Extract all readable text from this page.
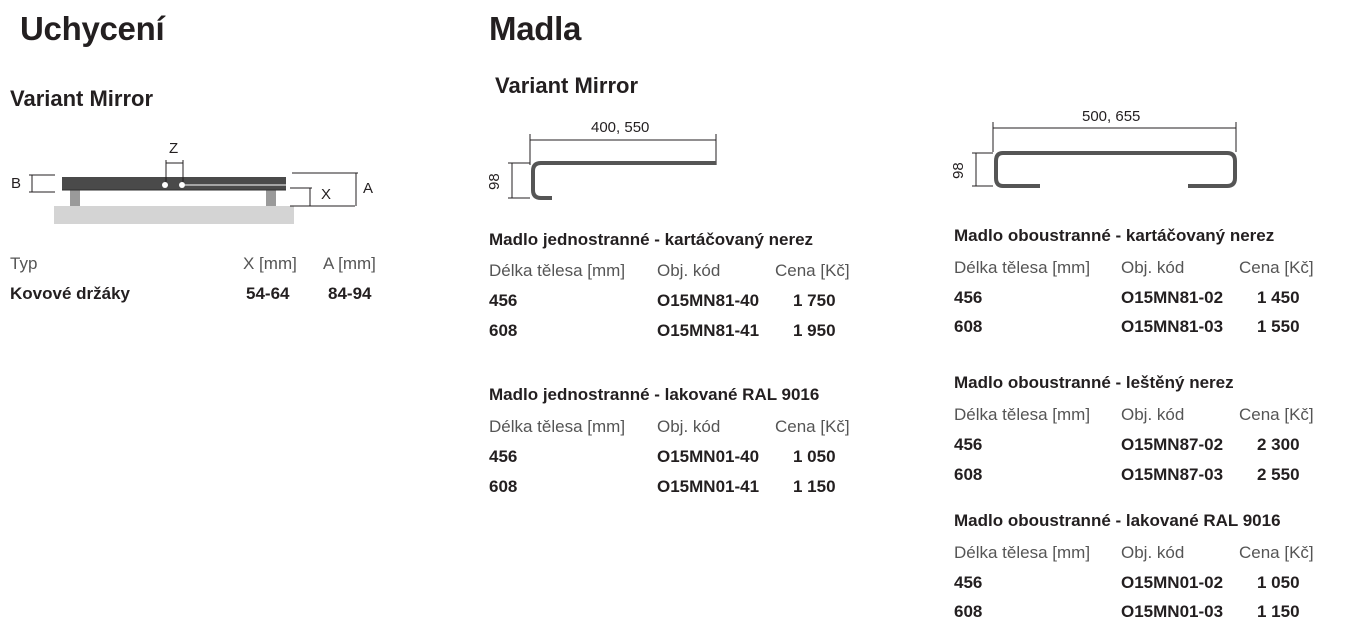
Uchycení
Variant Mirror
Z
B
X A
Typ	X [mm] A [mm]
Kovové držáky	54-64 84-94
Madla
Variant Mirror
400, 550
98
500, 655
98
Madlo jednostranné - kartáčovaný nerez
Délka tělesa [mm] Obj. kód	Cena [Kč]
456	O15MN81-40 1 750
608	O15MN81-41 1 950
Madlo jednostranné - lakované RAL 9016
Délka tělesa [mm] Obj. kód	Cena [Kč]
456	O15MN01-40 1 050
608	O15MN01-41 1 150
Madlo oboustranné - kartáčovaný nerez
Délka tělesa [mm] Obj. kód	Cena [Kč]
456	O15MN81-02 1 450
608	O15MN81-03 1 550
Madlo oboustranné - leštěný nerez
Délka tělesa [mm] Obj. kód	Cena [Kč]
456	O15MN87-02 2 300
608	O15MN87-03 2 550
Madlo oboustranné - lakované RAL 9016
Délka tělesa [mm] Obj. kód	Cena [Kč]
456	O15MN01-02 1 050
608	O15MN01-03 1 150
